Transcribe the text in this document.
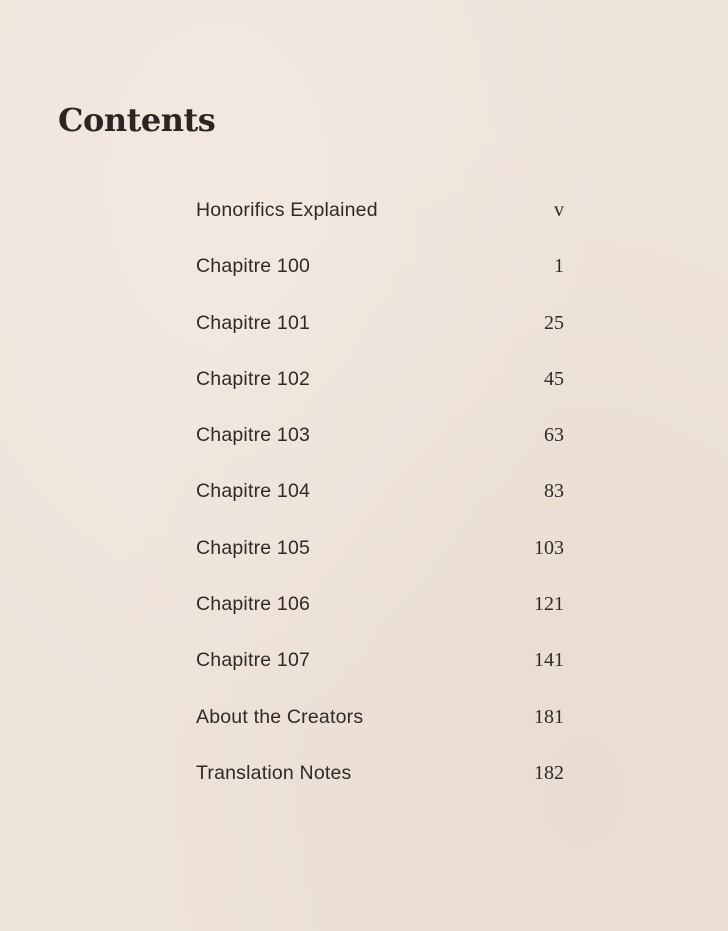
Contents
Honorifics Explained	v
Chapitre 100	1
Chapitre 101	25
Chapitre 102	45
Chapitre 103	63
Chapitre 104	83
Chapitre 105	103
Chapitre 106	121
Chapitre 107	141
About the Creators	181
Translation Notes	182
